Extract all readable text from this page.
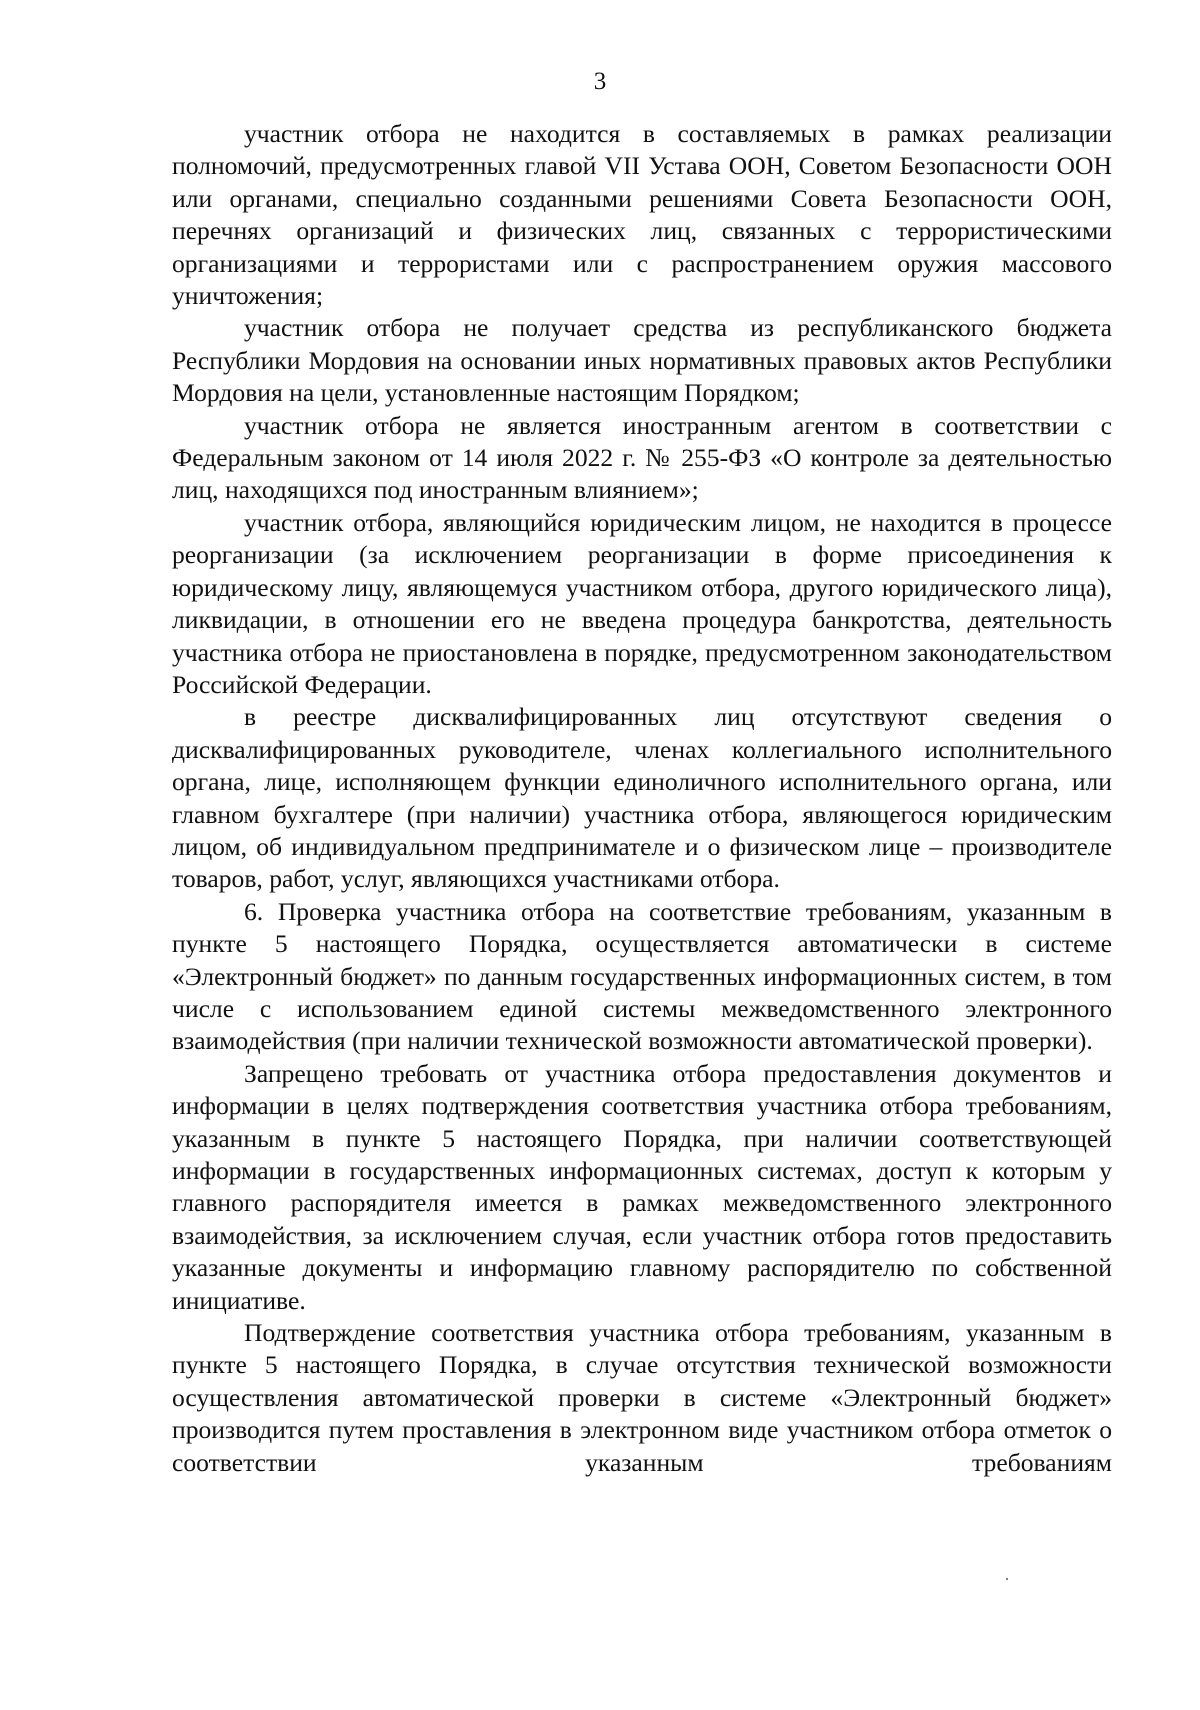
3

участник отбора не находится в составляемых в рамках реализации полномочий, предусмотренных главой VII Устава ООН, Советом Безопасности ООН или органами, специально созданными решениями Совета Безопасности ООН, перечнях организаций и физических лиц, связанных с террористическими организациями и террористами или с распространением оружия массового уничтожения;

участник отбора не получает средства из республиканского бюджета Республики Мордовия на основании иных нормативных правовых актов Республики Мордовия на цели, установленные настоящим Порядком;

участник отбора не является иностранным агентом в соответствии с Федеральным законом от 14 июля 2022 г. № 255-ФЗ «О контроле за деятельностью лиц, находящихся под иностранным влиянием»;

участник отбора, являющийся юридическим лицом, не находится в процессе реорганизации (за исключением реорганизации в форме присоединения к юридическому лицу, являющемуся участником отбора, другого юридического лица), ликвидации, в отношении его не введена процедура банкротства, деятельность участника отбора не приостановлена в порядке, предусмотренном законодательством Российской Федерации.

в реестре дисквалифицированных лиц отсутствуют сведения о дисквалифицированных руководителе, членах коллегиального исполнительного органа, лице, исполняющем функции единоличного исполнительного органа, или главном бухгалтере (при наличии) участника отбора, являющегося юридическим лицом, об индивидуальном предпринимателе и о физическом лице – производителе товаров, работ, услуг, являющихся участниками отбора.

6. Проверка участника отбора на соответствие требованиям, указанным в пункте 5 настоящего Порядка, осуществляется автоматически в системе «Электронный бюджет» по данным государственных информационных систем, в том числе с использованием единой системы межведомственного электронного взаимодействия (при наличии технической возможности автоматической проверки).

Запрещено требовать от участника отбора предоставления документов и информации в целях подтверждения соответствия участника отбора требованиям, указанным в пункте 5 настоящего Порядка, при наличии соответствующей информации в государственных информационных системах, доступ к которым у главного распорядителя имеется в рамках межведомственного электронного взаимодействия, за исключением случая, если участник отбора готов предоставить указанные документы и информацию главному распорядителю по собственной инициативе.

Подтверждение соответствия участника отбора требованиям, указанным в пункте 5 настоящего Порядка, в случае отсутствия технической возможности осуществления автоматической проверки в системе «Электронный бюджет» производится путем проставления в электронном виде участником отбора отметок о соответствии указанным требованиям
